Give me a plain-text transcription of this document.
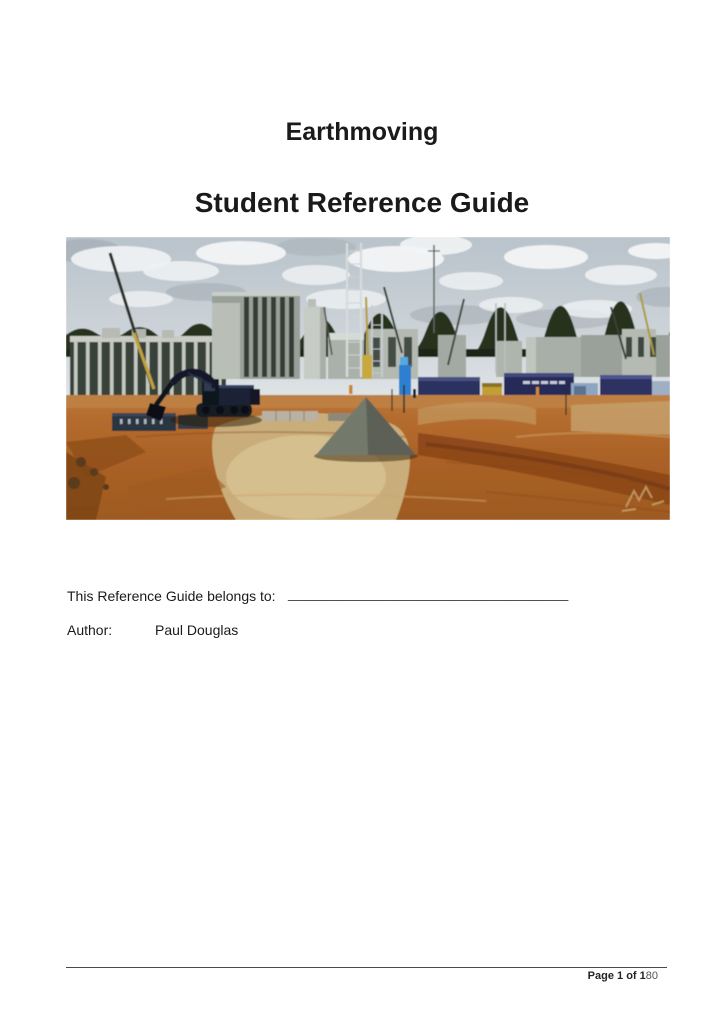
Earthmoving
Student Reference Guide
This Reference Guide belongs to: ____________________________________
Author:	Paul Douglas
Page 1 of 180
